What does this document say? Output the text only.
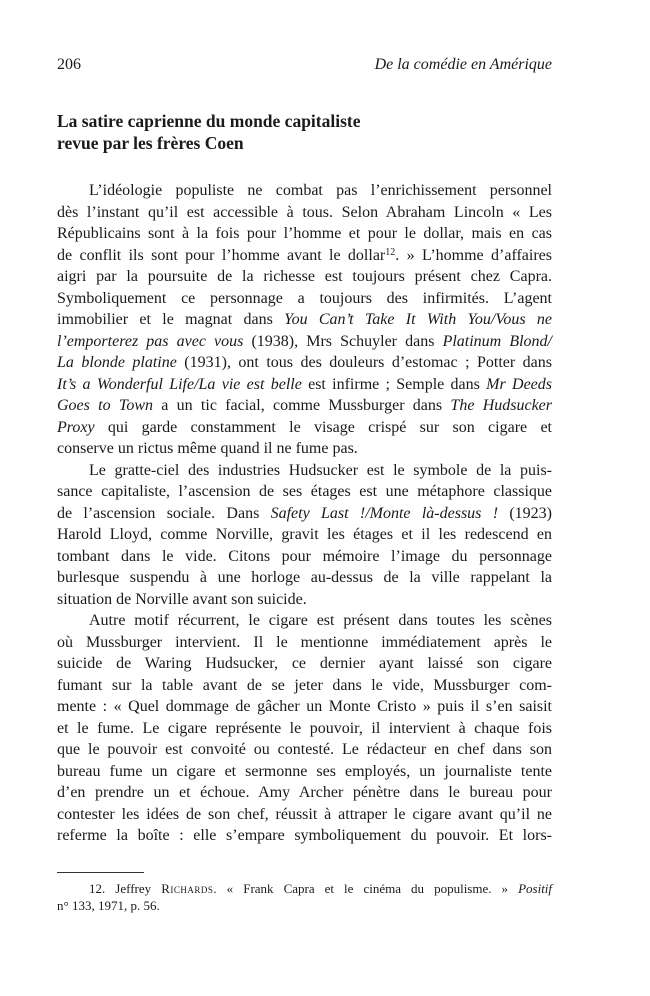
206	De la comédie en Amérique
La satire caprienne du monde capitaliste
revue par les frères Coen
L’idéologie populiste ne combat pas l’enrichissement personnel
dès l’instant qu’il est accessible à tous. Selon Abraham Lincoln « Les
Républicains sont à la fois pour l’homme et pour le dollar, mais en cas
de conflit ils sont pour l’homme avant le dollar$^{12}$. » L’homme d’affaires
aigri par la poursuite de la richesse est toujours présent chez Capra.
Symboliquement ce personnage a toujours des infirmités. L’agent
immobilier et le magnat dans You Can’t Take It With You/Vous ne
l’emporterez pas avec vous (1938), Mrs Schuyler dans Platinum Blond/
La blonde platine (1931), ont tous des douleurs d’estomac ; Potter dans
It’s a Wonderful Life/La vie est belle est infirme ; Semple dans Mr Deeds
Goes to Town a un tic facial, comme Mussburger dans The Hudsucker
Proxy qui garde constamment le visage crispé sur son cigare et
conserve un rictus même quand il ne fume pas.
Le gratte-ciel des industries Hudsucker est le symbole de la puis-
sance capitaliste, l’ascension de ses étages est une métaphore classique
de l’ascension sociale. Dans Safety Last !/Monte là-dessus ! (1923)
Harold Lloyd, comme Norville, gravit les étages et il les redescend en
tombant dans le vide. Citons pour mémoire l’image du personnage
burlesque suspendu à une horloge au-dessus de la ville rappelant la
situation de Norville avant son suicide.
Autre motif récurrent, le cigare est présent dans toutes les scènes
où Mussburger intervient. Il le mentionne immédiatement après le
suicide de Waring Hudsucker, ce dernier ayant laissé son cigare
fumant sur la table avant de se jeter dans le vide, Mussburger com-
mente : « Quel dommage de gâcher un Monte Cristo » puis il s’en saisit
et le fume. Le cigare représente le pouvoir, il intervient à chaque fois
que le pouvoir est convoité ou contesté. Le rédacteur en chef dans son
bureau fume un cigare et sermonne ses employés, un journaliste tente
d’en prendre un et échoue. Amy Archer pénètre dans le bureau pour
contester les idées de son chef, réussit à attraper le cigare avant qu’il ne
referme la boîte : elle s’empare symboliquement du pouvoir. Et lors-
12. Jeffrey Richards. « Frank Capra et le cinéma du populisme. » Positif
n° 133, 1971, p. 56.
